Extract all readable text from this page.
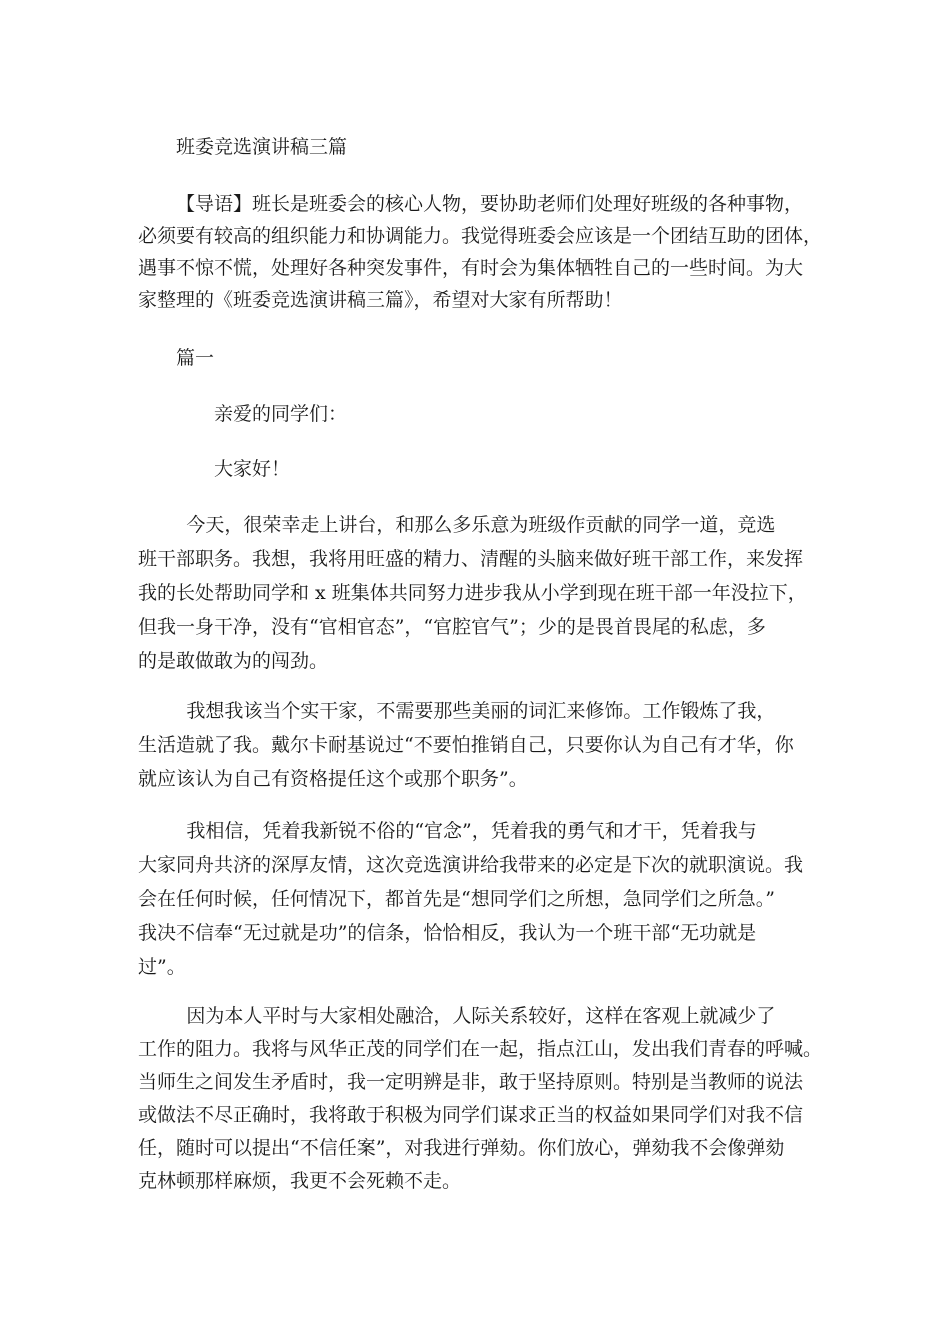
班委竞选演讲稿三篇

【导语】班长是班委会的核心人物，要协助老师们处理好班级的各种事物，
必须要有较高的组织能力和协调能力。我觉得班委会应该是一个团结互助的团体，
遇事不惊不慌，处理好各种突发事件，有时会为集体牺牲自己的一些时间。为大
家整理的《班委竞选演讲稿三篇》，希望对大家有所帮助！

篇一

亲爱的同学们：

大家好！

今天，很荣幸走上讲台，和那么多乐意为班级作贡献的同学一道，竞选
班干部职务。我想，我将用旺盛的精力、清醒的头脑来做好班干部工作，来发挥
我的长处帮助同学和 x 班集体共同努力进步我从小学到现在班干部一年没拉下，
但我一身干净，没有“官相官态”，“官腔官气”；少的是畏首畏尾的私虑，多
的是敢做敢为的闯劲。
我想我该当个实干家，不需要那些美丽的词汇来修饰。工作锻炼了我，
生活造就了我。戴尔卡耐基说过“不要怕推销自己，只要你认为自己有才华，你
就应该认为自己有资格提任这个或那个职务”。
我相信，凭着我新锐不俗的“官念”，凭着我的勇气和才干，凭着我与
大家同舟共济的深厚友情，这次竞选演讲给我带来的必定是下次的就职演说。我
会在任何时候，任何情况下，都首先是“想同学们之所想，急同学们之所急。”
我决不信奉“无过就是功”的信条，恰恰相反，我认为一个班干部“无功就是
过”。
因为本人平时与大家相处融洽，人际关系较好，这样在客观上就减少了
工作的阻力。我将与风华正茂的同学们在一起，指点江山，发出我们青春的呼喊。
当师生之间发生矛盾时，我一定明辨是非，敢于坚持原则。特别是当教师的说法
或做法不尽正确时，我将敢于积极为同学们谋求正当的权益如果同学们对我不信
任，随时可以提出“不信任案”，对我进行弹劾。你们放心，弹劾我不会像弹劾
克林顿那样麻烦，我更不会死赖不走。
